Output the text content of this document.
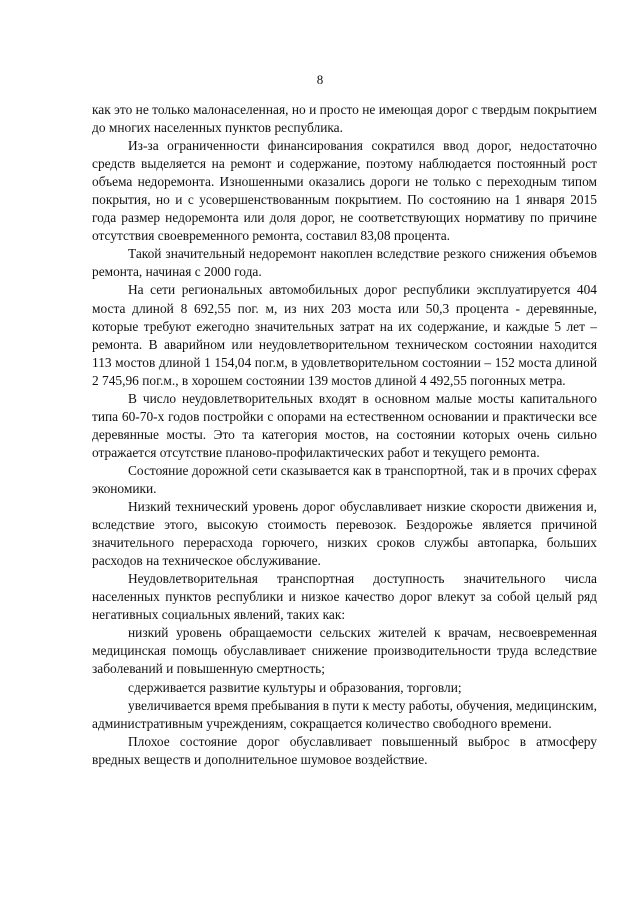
8

как это не только малонаселенная, но и просто не имеющая дорог с твердым покрытием до многих населенных пунктов республика.

Из-за ограниченности финансирования сократился ввод дорог, недостаточно средств выделяется на ремонт и содержание, поэтому наблюдается постоянный рост объема недоремонта. Изношенными оказались дороги не только с переходным типом покрытия, но и с усовершенствованным покрытием. По состоянию на 1 января 2015 года размер недоремонта или доля дорог, не соответствующих нормативу по причине отсутствия своевременного ремонта, составил 83,08 процента.

Такой значительный недоремонт накоплен вследствие резкого снижения объемов ремонта, начиная с 2000 года.

На сети региональных автомобильных дорог республики эксплуатируется 404 моста длиной 8 692,55 пог. м, из них 203 моста или 50,3 процента - деревянные, которые требуют ежегодно значительных затрат на их содержание, и каждые 5 лет – ремонта. В аварийном или неудовлетворительном техническом состоянии находится 113 мостов длиной 1 154,04 пог.м, в удовлетворительном состоянии – 152 моста длиной 2 745,96 пог.м., в хорошем состоянии 139 мостов длиной 4 492,55 погонных метра.

В число неудовлетворительных входят в основном малые мосты капитального типа 60-70-х годов постройки с опорами на естественном основании и практически все деревянные мосты. Это та категория мостов, на состоянии которых очень сильно отражается отсутствие планово-профилактических работ и текущего ремонта.

Состояние дорожной сети сказывается как в транспортной, так и в прочих сферах экономики.

Низкий технический уровень дорог обуславливает низкие скорости движения и, вследствие этого, высокую стоимость перевозок. Бездорожье является причиной значительного перерасхода горючего, низких сроков службы автопарка, больших расходов на техническое обслуживание.

Неудовлетворительная транспортная доступность значительного числа населенных пунктов республики и низкое качество дорог влекут за собой целый ряд негативных социальных явлений, таких как:

низкий уровень обращаемости сельских жителей к врачам, несвоевременная медицинская помощь обуславливает снижение производительности труда вследствие заболеваний и повышенную смертность;

сдерживается развитие культуры и образования, торговли;

увеличивается время пребывания в пути к месту работы, обучения, медицинским, административным учреждениям, сокращается количество свободного времени.

Плохое состояние дорог обуславливает повышенный выброс в атмосферу вредных веществ и дополнительное шумовое воздействие.
